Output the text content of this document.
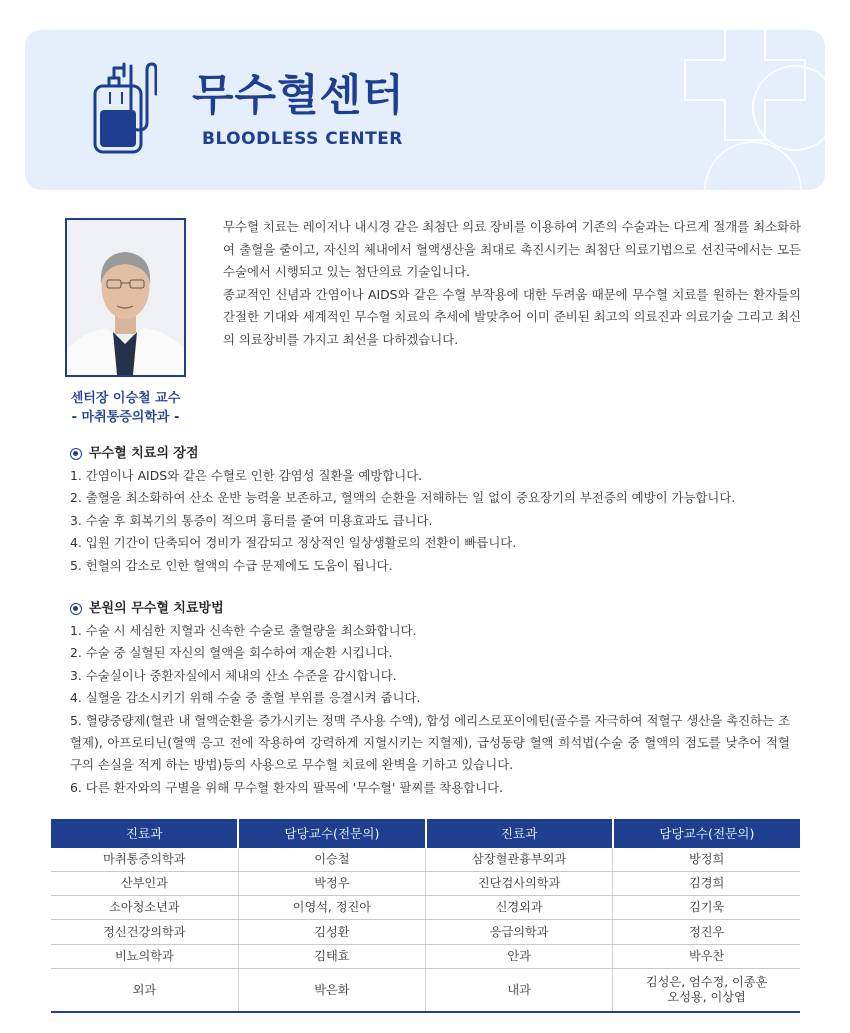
무수혈센터
BLOODLESS CENTER
센터장 이승철 교수
- 마취통증의학과 -

무수혈 치료는 레이저나 내시경 같은 최첨단 의료 장비를 이용하여 기존의 수술과는 다르게 절개를 최소화하여 출혈을 줄이고, 자신의 체내에서 혈액생산을 최대로 촉진시키는 최첨단 의료기법으로 선진국에서는 모든 수술에서 시행되고 있는 첨단의료 기술입니다.

종교적인 신념과 간염이나 AIDS와 같은 수혈 부작용에 대한 두려움 때문에 무수혈 치료를 원하는 환자들의 간절한 기대와 세계적인 무수혈 치료의 추세에 발맞추어 이미 준비된 최고의 의료진과 의료기술 그리고 최신의 의료장비를 가지고 최선을 다하겠습니다.

무수혈 치료의 장점
1. 간염이나 AIDS와 같은 수혈로 인한 감염성 질환을 예방합니다.
2. 출혈을 최소화하여 산소 운반 능력을 보존하고, 혈액의 순환을 저해하는 일 없이 중요장기의 부전증의 예방이 가능합니다.
3. 수술 후 회복기의 통증이 적으며 흉터를 줄여 미용효과도 큽니다.
4. 입원 기간이 단축되어 경비가 절감되고 정상적인 일상생활로의 전환이 빠릅니다.
5. 헌혈의 감소로 인한 혈액의 수급 문제에도 도움이 됩니다.
본원의 무수혈 치료방법
1. 수술 시 세심한 지혈과 신속한 수술로 출혈량을 최소화합니다.
2. 수술 중 실혈된 자신의 혈액을 회수하여 재순환 시킵니다.
3. 수술실이나 중환자실에서 체내의 산소 수준을 감시합니다.
4. 실혈을 감소시키기 위해 수술 중 출혈 부위를 응결시켜 줍니다.
5. 혈량중량제(혈관 내 혈액순환을 증가시키는 정맥 주사용 수액), 합성 에리스로포이에틴(골수를 자극하여 적혈구 생산을 촉진하는 조혈제), 아프로티닌(혈액 응고 전에 작용하여 강력하게 지혈시키는 지혈제), 급성동량 혈액 희석법(수술 중 혈액의 점도를 낮추어 적혈구의 손실을 적게 하는 방법)등의 사용으로 무수혈 치료에 완벽을 기하고 있습니다.
6. 다른 환자와의 구별을 위해 무수혈 환자의 팔목에 '무수혈' 팔찌를 착용합니다.
진료과	담당교수(전문의)	진료과	담당교수(전문의)
마취통증의학과	이승철	삼장혈관흉부외과	방정희
산부인과	박정우	진단검사의학과	김경희
소아청소년과	이영석, 정진아	신경외과	김기욱
정신건강의학과	김성환	응급의학과	정진우
비뇨의학과	김태효	안과	박우찬
외과	박은화	내과	김성은, 엄수정, 이종훈
오성용, 이상엽
